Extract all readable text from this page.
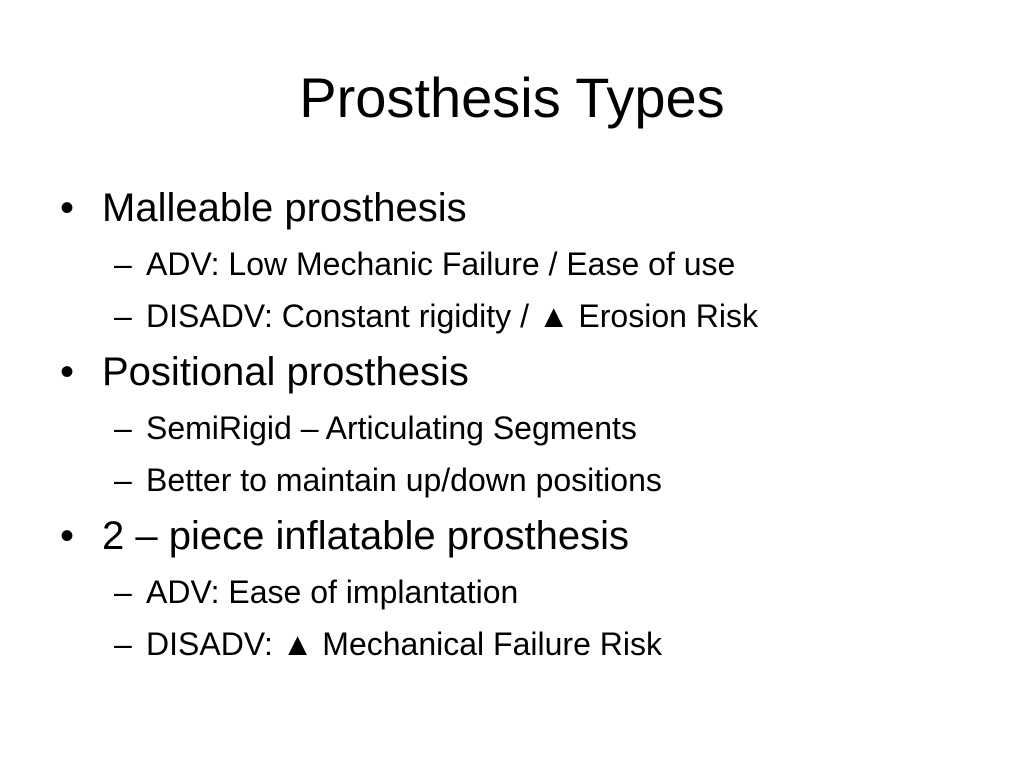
Prosthesis Types
• Malleable prosthesis
– ADV: Low Mechanic Failure / Ease of use
– DISADV: Constant rigidity / ▲ Erosion Risk
• Positional prosthesis
– SemiRigid – Articulating Segments
– Better to maintain up/down positions
• 2 – piece inflatable prosthesis
– ADV: Ease of implantation
– DISADV: ▲ Mechanical Failure Risk
